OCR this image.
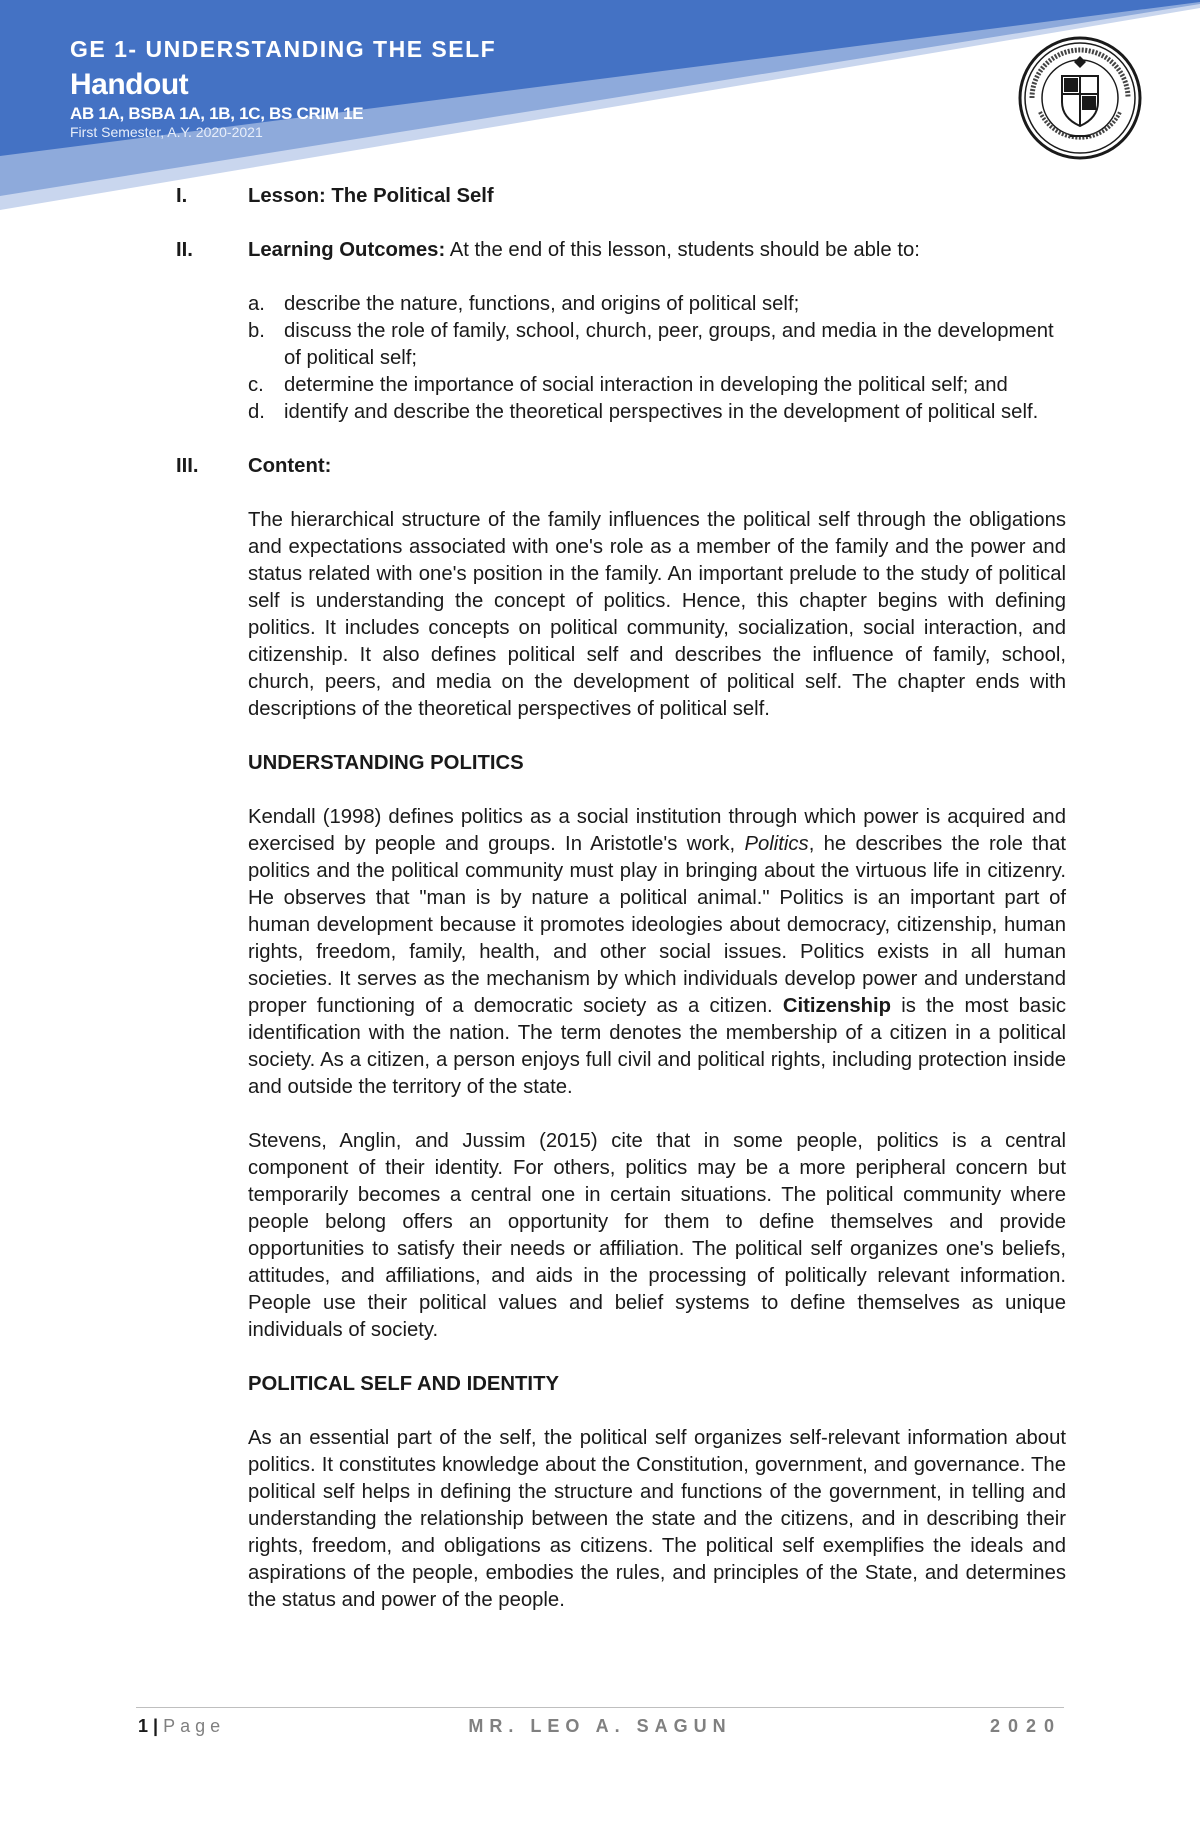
GE 1- UNDERSTANDING THE SELF
Handout
AB 1A, BSBA 1A, 1B, 1C, BS CRIM 1E
First Semester, A.Y. 2020-2021
I.	Lesson: The Political Self
II.	Learning Outcomes: At the end of this lesson, students should be able to:
a. describe the nature, functions, and origins of political self;
b. discuss the role of family, school, church, peer, groups, and media in the development of political self;
c. determine the importance of social interaction in developing the political self; and
d. identify and describe the theoretical perspectives in the development of political self.
III. Content:

The hierarchical structure of the family influences the political self through the obligations and expectations associated with one's role as a member of the family and the power and status related with one's position in the family. An important prelude to the study of political self is understanding the concept of politics. Hence, this chapter begins with defining politics. It includes concepts on political community, socialization, social interaction, and citizenship. It also defines political self and describes the influence of family, school, church, peers, and media on the development of political self. The chapter ends with descriptions of the theoretical perspectives of political self.

UNDERSTANDING POLITICS

Kendall (1998) defines politics as a social institution through which power is acquired and exercised by people and groups. In Aristotle's work, Politics, he describes the role that politics and the political community must play in bringing about the virtuous life in citizenry. He observes that "man is by nature a political animal." Politics is an important part of human development because it promotes ideologies about democracy, citizenship, human rights, freedom, family, health, and other social issues. Politics exists in all human societies. It serves as the mechanism by which individuals develop power and understand proper functioning of a democratic society as a citizen. Citizenship is the most basic identification with the nation. The term denotes the membership of a citizen in a political society. As a citizen, a person enjoys full civil and political rights, including protection inside and outside the territory of the state.

Stevens, Anglin, and Jussim (2015) cite that in some people, politics is a central component of their identity. For others, politics may be a more peripheral concern but temporarily becomes a central one in certain situations. The political community where people belong offers an opportunity for them to define themselves and provide opportunities to satisfy their needs or affiliation. The political self organizes one's beliefs, attitudes, and affiliations, and aids in the processing of politically relevant information. People use their political values and belief systems to define themselves as unique individuals of society.

POLITICAL SELF AND IDENTITY

As an essential part of the self, the political self organizes self-relevant information about politics. It constitutes knowledge about the Constitution, government, and governance. The political self helps in defining the structure and functions of the government, in telling and understanding the relationship between the state and the citizens, and in describing their rights, freedom, and obligations as citizens. The political self exemplifies the ideals and aspirations of the people, embodies the rules, and principles of the State, and determines the status and power of the people.

1 | Page	MR. LEO A. SAGUN	2020
